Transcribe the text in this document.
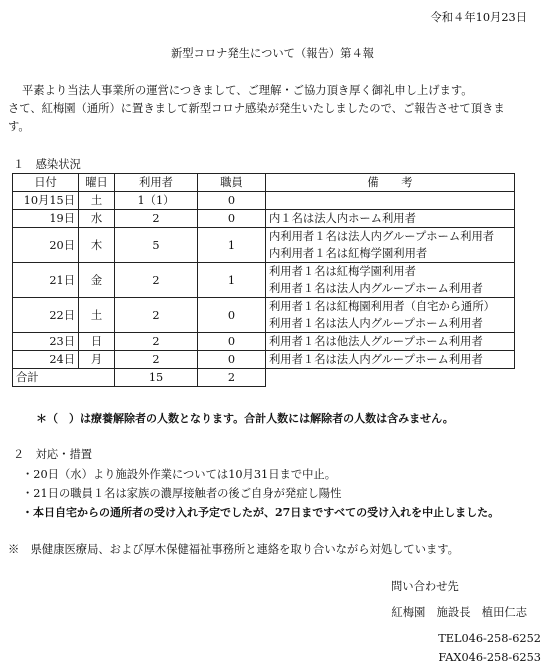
令和４年10月23日
新型コロナ発生について（報告）第４報
平素より当法人事業所の運営につきまして、ご理解・ご協力頂き厚く御礼申し上げます。
さて、紅梅園（通所）に置きまして新型コロナ感染が発生いたしましたので、ご報告させて頂きま
す。
１　感染状況
日付	曜日	利用者	職員	備　　考
10月15日	土	1（1）	0	

19日	水	2	0	内１名は法人内ホーム利用者

20日	木	5	1	内利用者１名は法人内グループホーム利用者
内利用者１名は紅梅学園利用者

21日	金	2	1	利用者１名は紅梅学園利用者
利用者１名は法人内グループホーム利用者

22日	土	2	0	利用者１名は紅梅園利用者（自宅から通所）
利用者１名は法人内グループホーム利用者

23日	日	2	0	利用者１名は他法人グループホーム利用者

24日	月	2	0	利用者１名は法人内グループホーム利用者

合計		15	2	
＊（　）は療養解除者の人数となります。合計人数には解除者の人数は含みません。
２　対応・措置
・20日（水）より施設外作業については10月31日まで中止。
・21日の職員１名は家族の濃厚接触者の後ご自身が発症し陽性
・本日自宅からの通所者の受け入れ予定でしたが、27日まですべての受け入れを中止しました。
※　県健康医療局、および厚木保健福祉事務所と連絡を取り合いながら対処しています。
問い合わせ先
紅梅園　施設長　植田仁志
TEL046-258-6252
FAX046-258-6253
